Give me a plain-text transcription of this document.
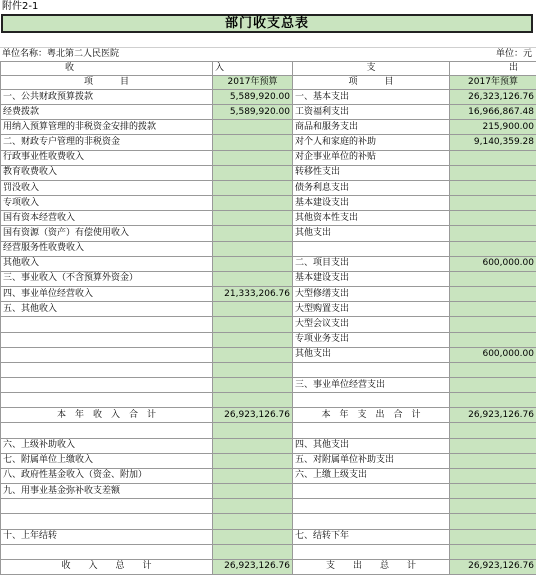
附件2-1
部门收支总表
单位名称：粤北第二人民医院	单位：元
收	入	支	出
项　　　目	2017年预算	项　　　目	2017年预算
一、公共财政预算拨款	5,589,920.00	一、基本支出	26,323,126.76
经费拨款	5,589,920.00	工资福利支出	16,966,867.48
用纳入预算管理的非税资金安排的拨款		商品和服务支出	215,900.00
二、财政专户管理的非税资金		对个人和家庭的补助	9,140,359.28
行政事业性收费收入		对企事业单位的补贴	
教育收费收入		转移性支出	
罚没收入		债务利息支出	
专项收入		基本建设支出	
国有资本经营收入		其他资本性支出	
国有资源（资产）有偿使用收入		其他支出	
经营服务性收费收入			
其他收入		二、项目支出	600,000.00
三、事业收入（不含预算外资金）		基本建设支出	
四、事业单位经营收入	21,333,206.76	大型修缮支出	
五、其他收入		大型购置支出	
		大型会议支出	
		专项业务支出	
		其他支出	600,000.00

		三、事业单位经营支出	

本　年　收　入　合　计	26,923,126.76	本　年　支　出　合　计	26,923,126.76

六、上级补助收入		四、其他支出	
七、附属单位上缴收入		五、对附属单位补助支出	
八、政府性基金收入（资金、附加）		六、上缴上级支出	
九、用事业基金弥补收支差额			

十、上年结转		七、结转下年	

收　　入　　总　　计	26,923,126.76	支　　出　　总　　计	26,923,126.76
